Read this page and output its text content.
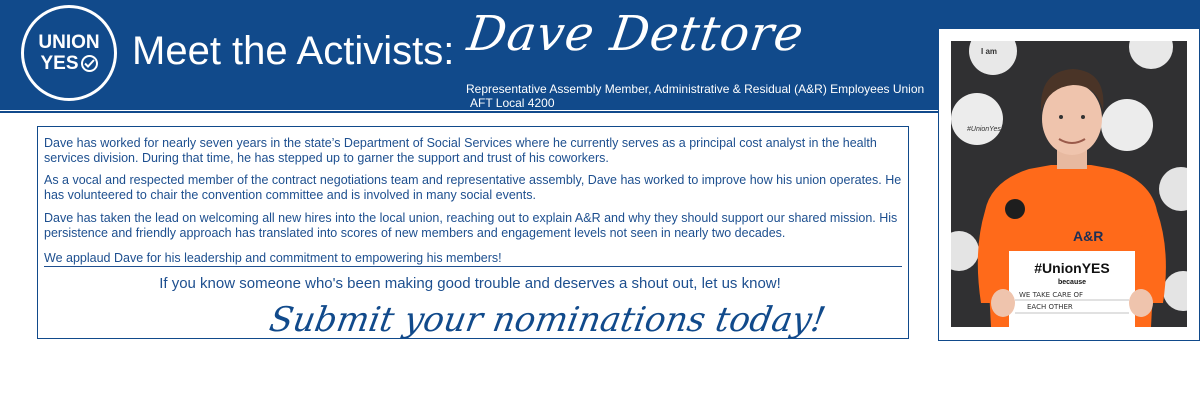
UNION
YES Meet the Activists: Dave Dettore
Representative Assembly Member, Administrative & Residual (A&R) Employees Union
AFT Local 4200

Dave has worked for nearly seven years in the state’s Department of Social Services where he currently serves as a principal cost analyst in the health services division. During that time, he has stepped up to garner the support and trust of his coworkers.

As a vocal and respected member of the contract negotiations team and representative assembly, Dave has worked to improve how his union operates. He has volunteered to chair the convention committee and is involved in many social events.

Dave has taken the lead on welcoming all new hires into the local union, reaching out to explain A&R and why they should support our shared mission. His persistence and friendly approach has translated into scores of new members and engagement levels not seen in nearly two decades.

We applaud Dave for his leadership and commitment to empowering his members!

If you know someone who's been making good trouble and deserves a shout out, let us know!
Submit your nominations today!
I am
#UnionYes
A&R
#UnionYES
because
WE TAKE CARE OF
EACH OTHER
